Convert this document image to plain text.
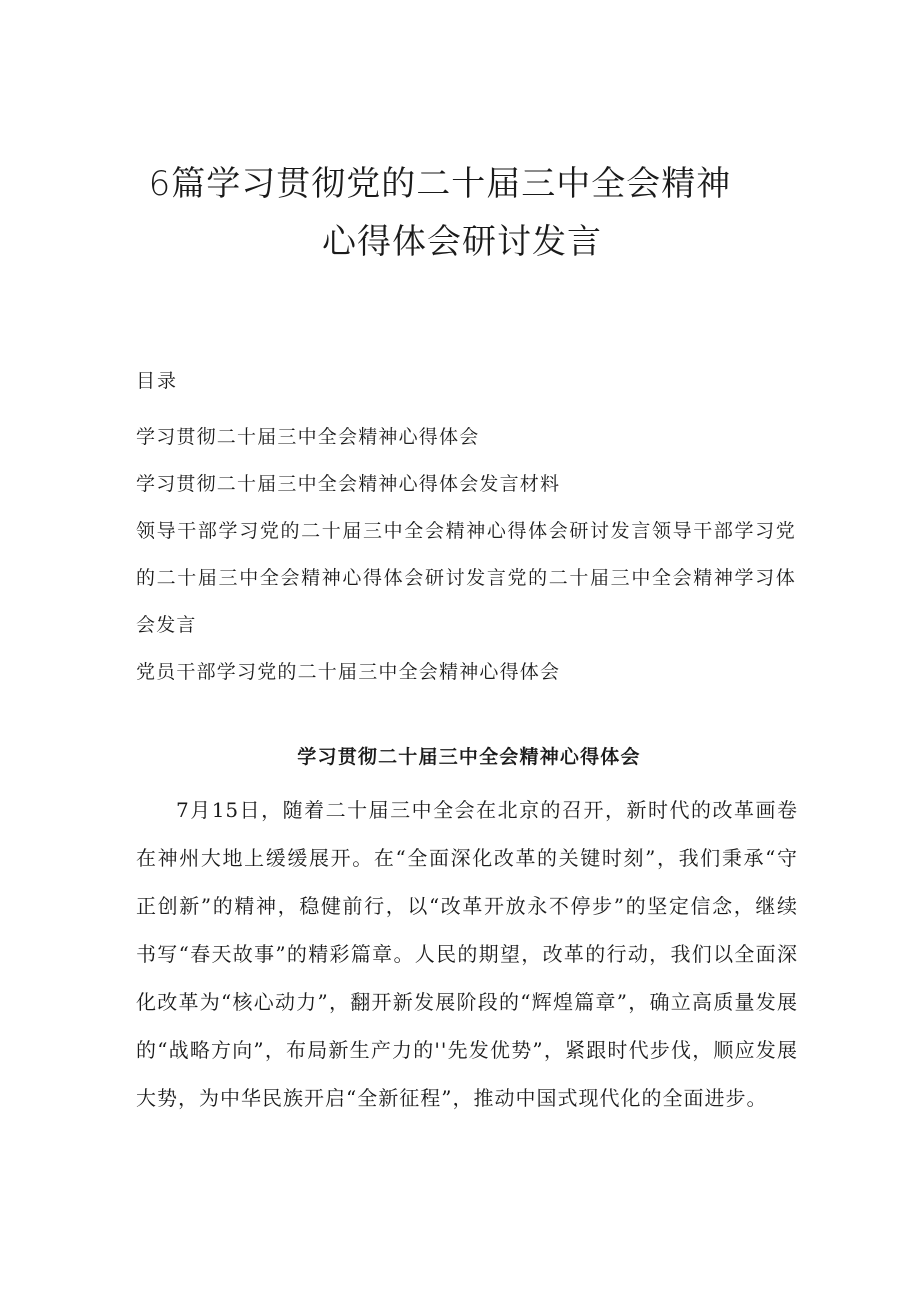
6篇学习贯彻党的二十届三中全会精神
心得体会研讨发言
目录
学习贯彻二十届三中全会精神心得体会
学习贯彻二十届三中全会精神心得体会发言材料
领导干部学习党的二十届三中全会精神心得体会研讨发言领导干部学习党的二十届三中全会精神心得体会研讨发言党的二十届三中全会精神学习体会发言
党员干部学习党的二十届三中全会精神心得体会
学习贯彻二十届三中全会精神心得体会

7月15日，随着二十届三中全会在北京的召开，新时代的改革画卷在神州大地上缓缓展开。在“全面深化改革的关键时刻”，我们秉承“守正创新”的精神，稳健前行，以“改革开放永不停步”的坚定信念，继续书写“春天故事”的精彩篇章。人民的期望，改革的行动，我们以全面深化改革为“核心动力”，翻开新发展阶段的“辉煌篇章”，确立高质量发展的“战略方向”，布局新生产力的''先发优势”，紧跟时代步伐，顺应发展大势，为中华民族开启“全新征程”，推动中国式现代化的全面进步。
